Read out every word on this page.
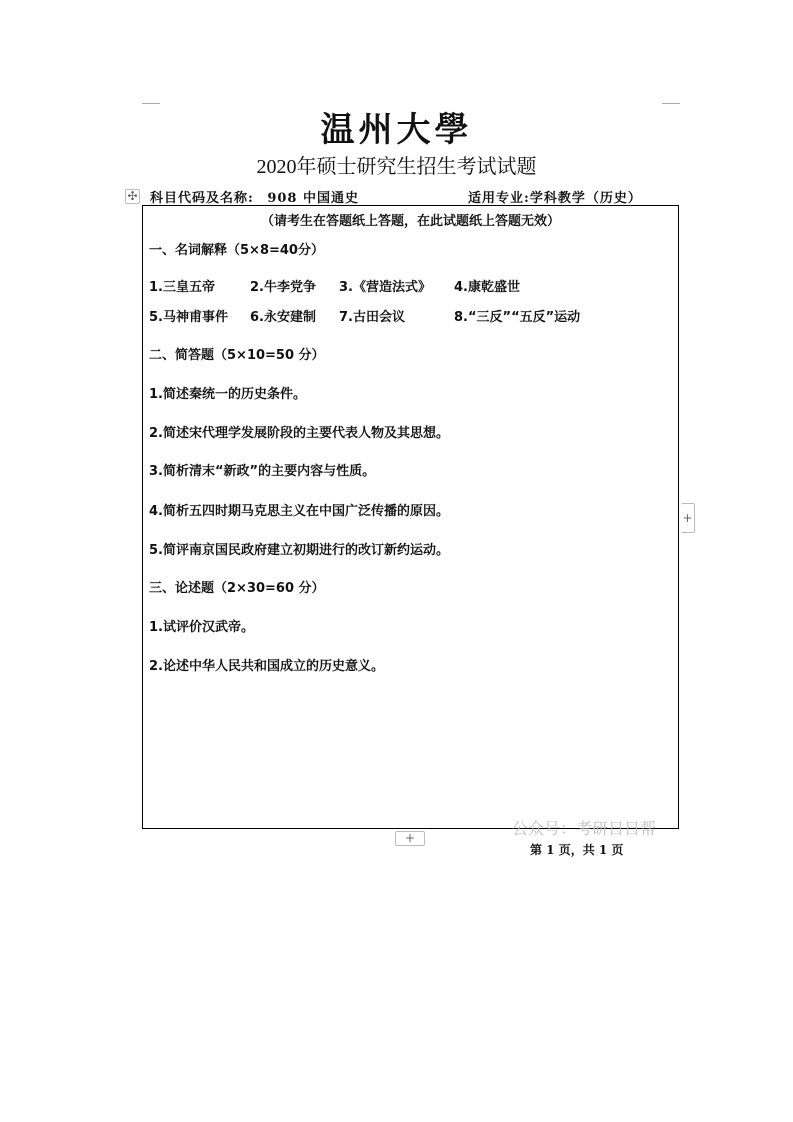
温州大學
2020年硕士研究生招生考试试题
✣ 科目代码及名称: 908 中国通史	适用专业:学科教学（历史）
（请考生在答题纸上答题，在此试题纸上答题无效）
一、名词解释（5×8=40分）
1.三皇五帝	2.牛李党争 3.《营造法式》 4.康乾盛世
5.马神甫事件 6.永安建制 7.古田会议	8.“三反”“五反”运动
二、简答题（5×10=50 分）
1.简述秦统一的历史条件。
2.简述宋代理学发展阶段的主要代表人物及其思想。
3.简析清末“新政”的主要内容与性质。
4.简析五四时期马克思主义在中国广泛传播的原因。
5.简评南京国民政府建立初期进行的改订新约运动。
三、论述题（2×30=60 分）
1.试评价汉武帝。
2.论述中华人民共和国成立的历史意义。
+
+	公众号：考研日日帮
第 1 页，共 1 页
